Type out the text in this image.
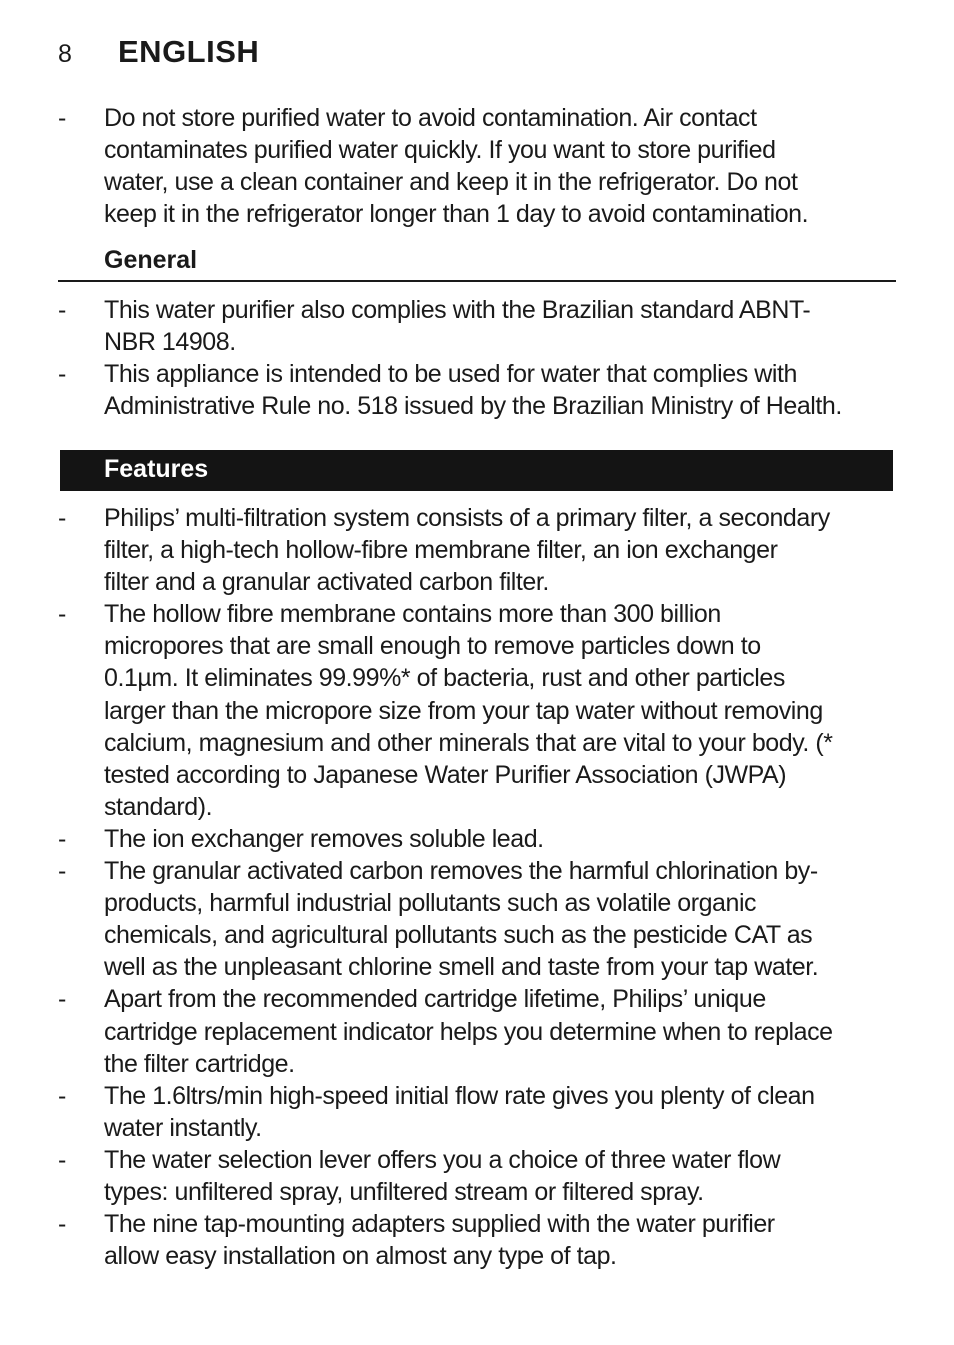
8	ENGLISH
-	Do not store purified water to avoid contamination. Air contact
contaminates purified water quickly. If you want to store purified
water, use a clean container and keep it in the refrigerator. Do not
keep it in the refrigerator longer than 1 day to avoid contamination.
General
-	This water purifier also complies with the Brazilian standard ABNT-
NBR 14908.
-	This appliance is intended to be used for water that complies with
Administrative Rule no. 518 issued by the Brazilian Ministry of Health.
Features
-	Philips’ multi-filtration system consists of a primary filter, a secondary
filter, a high-tech hollow-fibre membrane filter, an ion exchanger
filter and a granular activated carbon filter.
-	The hollow fibre membrane contains more than 300 billion
micropores that are small enough to remove particles down to
0.1µm. It eliminates 99.99%* of bacteria, rust and other particles
larger than the micropore size from your tap water without removing
calcium, magnesium and other minerals that are vital to your body. (*
tested according to Japanese Water Purifier Association (JWPA)
standard).
-	The ion exchanger removes soluble lead.
-	The granular activated carbon removes the harmful chlorination by-
products, harmful industrial pollutants such as volatile organic
chemicals, and agricultural pollutants such as the pesticide CAT as
well as the unpleasant chlorine smell and taste from your tap water.
-	Apart from the recommended cartridge lifetime, Philips’ unique
cartridge replacement indicator helps you determine when to replace
the filter cartridge.
-	The 1.6ltrs/min high-speed initial flow rate gives you plenty of clean
water instantly.
-	The water selection lever offers you a choice of three water flow
types: unfiltered spray, unfiltered stream or filtered spray.
-	The nine tap-mounting adapters supplied with the water purifier
allow easy installation on almost any type of tap.
